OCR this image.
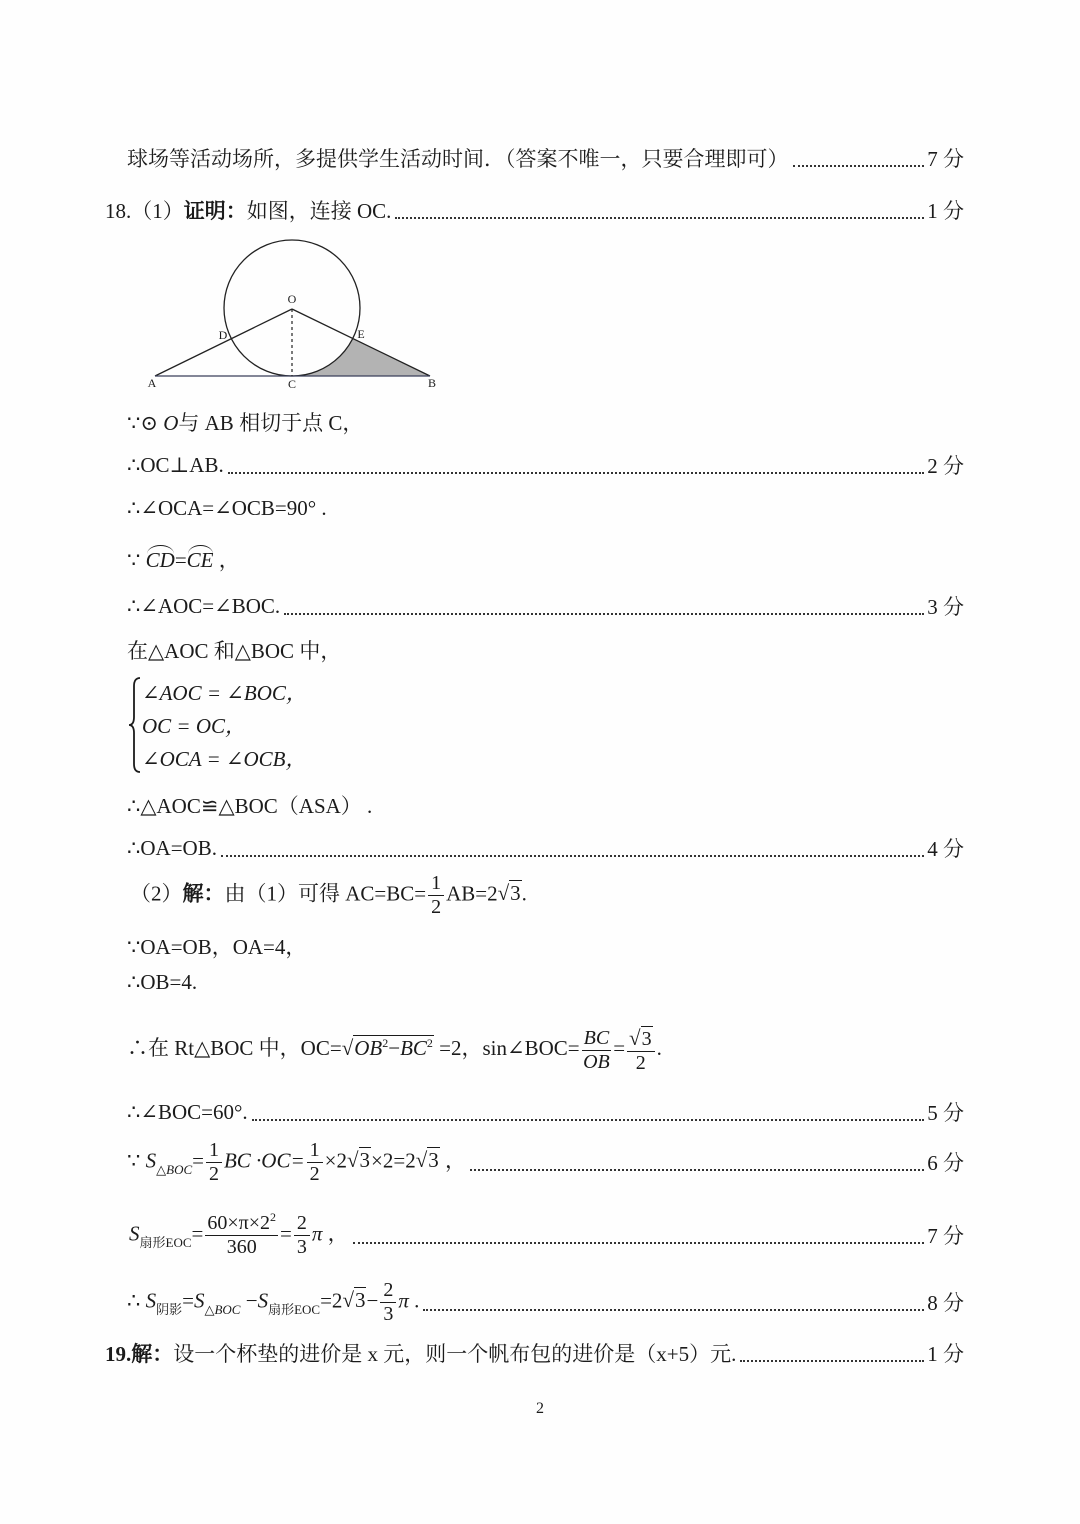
球场等活动场所，多提供学生活动时间．（答案不唯一，只要合理即可）	7 分
18.（1）证明：如图，连接 OC.	1 分
O
D	E
A	C	B
∵⊙ O与 AB 相切于点 C，
∴OC⊥AB.	2 分
∴∠OCA=∠OCB=90° .
∵ CD=CE ，
∴∠AOC=∠BOC.	3 分
在△AOC 和△BOC 中，
∠AOC = ∠BOC，
OC = OC，
∠OCA = ∠OCB，
∴△AOC≌△BOC（ASA） .
∴OA=OB.	4 分
（2）解：由（1）可得 $AC=BC= \frac{1}{2} AB=2√3$.
∵OA=OB，OA=4，
∴OB=4.
∴在 Rt△BOC 中，$OC=√OB^2-BC^2 =2$，sin∠BOC= $\frac{BC}{OB} = \frac{√3}{2}$ .
∴∠BOC=60°.	5 分
∵ $S_{\triangle BOC}= \frac{1}{2}$ BC $\cdot OC= \frac{1}{2} \times 2√3\times 2=2√3$ ，	6 分
$S_{扇形EOC}= \frac{60\times\pi\times 2^2}{360} = \frac{2}{3}$ π ，	7 分
∴ $S_{阴影}=S_{\triangle BOC} -S_{扇形EOC}=2√3- \frac{2}{3}$ π .	8 分
19.解：设一个杯垫的进价是 x 元，则一个帆布包的进价是（x+5）元.	1 分
2
